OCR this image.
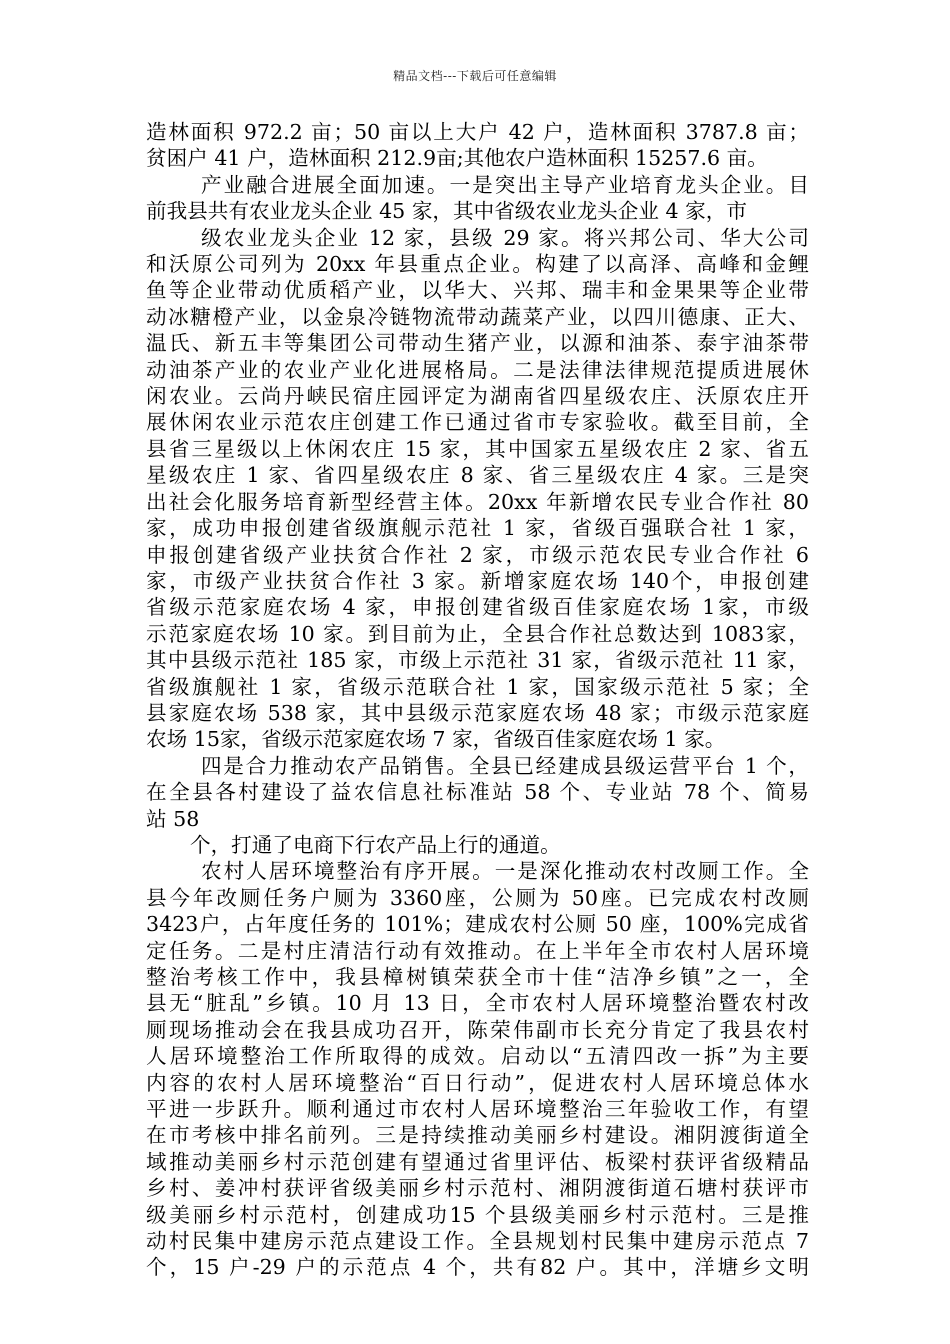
精品文档---下载后可任意编辑
造林面积 972.2 亩；50 亩以上大户 42 户，造林面积 3787.8 亩；
贫困户 41 户，造林面积 212.9亩;其他农户造林面积 15257.6 亩。
产业融合进展全面加速。一是突出主导产业培育龙头企业。目
前我县共有农业龙头企业 45 家，其中省级农业龙头企业 4 家，市
级农业龙头企业 12 家，县级 29 家。将兴邦公司、华大公司
和沃原公司列为 20xx 年县重点企业。构建了以高泽、高峰和金鲤
鱼等企业带动优质稻产业，以华大、兴邦、瑞丰和金果果等企业带
动冰糖橙产业，以金泉冷链物流带动蔬菜产业，以四川德康、正大、
温氏、新五丰等集团公司带动生猪产业，以源和油茶、泰宇油茶带
动油茶产业的农业产业化进展格局。二是法律法律规范提质进展休
闲农业。云尚丹峡民宿庄园评定为湖南省四星级农庄、沃原农庄开
展休闲农业示范农庄创建工作已通过省市专家验收。截至目前，全
县省三星级以上休闲农庄 15 家，其中国家五星级农庄 2 家、省五
星级农庄 1 家、省四星级农庄 8 家、省三星级农庄 4 家。三是突
出社会化服务培育新型经营主体。20xx 年新增农民专业合作社 80
家，成功申报创建省级旗舰示范社 1 家，省级百强联合社 1 家，
申报创建省级产业扶贫合作社 2 家，市级示范农民专业合作社 6
家，市级产业扶贫合作社 3 家。新增家庭农场 140个，申报创建
省级示范家庭农场 4 家，申报创建省级百佳家庭农场 1家，市级
示范家庭农场 10 家。到目前为止，全县合作社总数达到 1083家，
其中县级示范社 185 家，市级上示范社 31 家，省级示范社 11 家，
省级旗舰社 1 家，省级示范联合社 1 家，国家级示范社 5 家；全
县家庭农场 538 家，其中县级示范家庭农场 48 家；市级示范家庭
农场 15家，省级示范家庭农场 7 家，省级百佳家庭农场 1 家。
四是合力推动农产品销售。全县已经建成县级运营平台 1 个，
在全县各村建设了益农信息社标准站 58 个、专业站 78 个、简易
站 58
个，打通了电商下行农产品上行的通道。
农村人居环境整治有序开展。一是深化推动农村改厕工作。全
县今年改厕任务户厕为 3360座，公厕为 50座。已完成农村改厕
3423户，占年度任务的 101%；建成农村公厕 50 座，100%完成省
定任务。二是村庄清洁行动有效推动。在上半年全市农村人居环境
整治考核工作中，我县樟树镇荣获全市十佳“洁净乡镇”之一，全
县无“脏乱”乡镇。10 月 13 日，全市农村人居环境整治暨农村改
厕现场推动会在我县成功召开，陈荣伟副市长充分肯定了我县农村
人居环境整治工作所取得的成效。启动以“五清四改一拆”为主要
内容的农村人居环境整治“百日行动”，促进农村人居环境总体水
平进一步跃升。顺利通过市农村人居环境整治三年验收工作，有望
在市考核中排名前列。三是持续推动美丽乡村建设。湘阴渡街道全
域推动美丽乡村示范创建有望通过省里评估、板梁村获评省级精品
乡村、姜冲村获评省级美丽乡村示范村、湘阴渡街道石塘村获评市
级美丽乡村示范村，创建成功15 个县级美丽乡村示范村。三是推
动村民集中建房示范点建设工作。全县规划村民集中建房示范点 7
个，15 户-29 户的示范点 4 个，共有82 户。其中，洋塘乡文明
